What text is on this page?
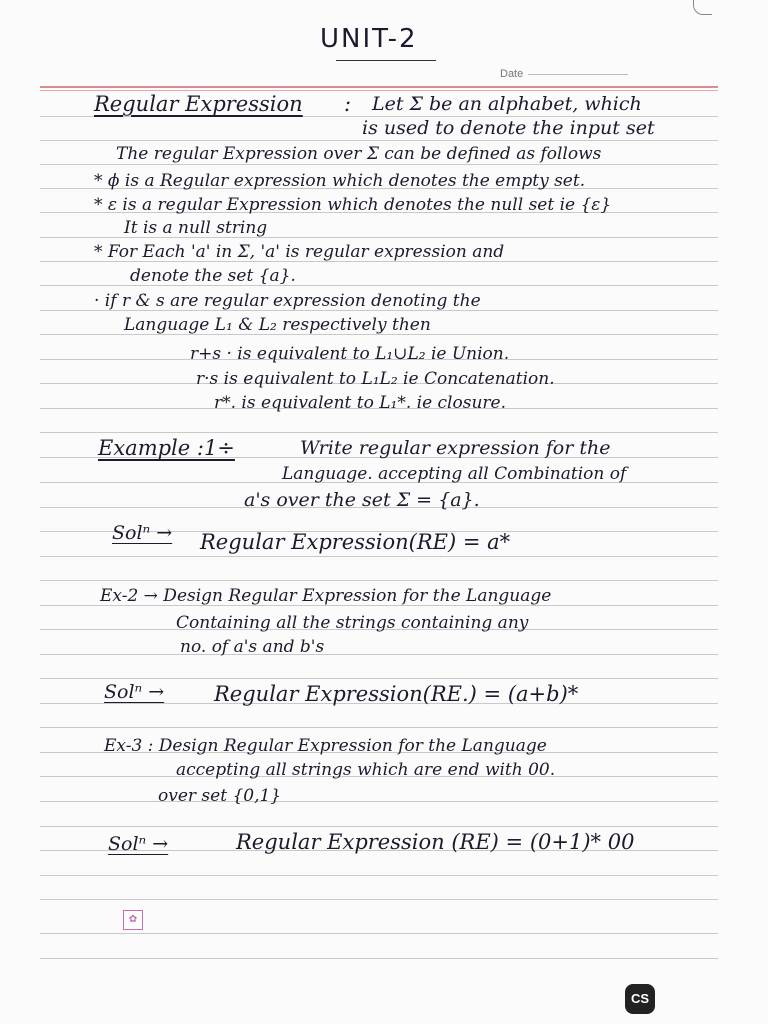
UNIT-2
Date
Regular Expression : Let Σ be an alphabet, which
is used to denote the input set
The regular Expression over Σ can be defined as follows
* ϕ is a Regular expression which denotes the empty set.
* ε is a regular Expression which denotes the null set ie {ε}
It is a null string
* For Each 'a' in Σ, 'a' is regular expression and
denote the set {a}.
· if r & s are regular expression denoting the
Language L₁ & L₂ respectively then
r+s · is equivalent to L₁∪L₂ ie Union.
r·s is equivalent to L₁L₂ ie Concatenation.
r*. is equivalent to L₁*. ie closure.
Example :1÷	Write regular expression for the
Language. accepting all Combination of
a's over the set Σ = {a}.
Solⁿ → Regular Expression(RE) = a*
Ex-2 → Design Regular Expression for the Language
Containing all the strings containing any
no. of a's and b's
Solⁿ → Regular Expression(RE.) = (a+b)*
Ex-3 : Design Regular Expression for the Language
accepting all strings which are end with 00.
over set {0,1}
Solⁿ →	Regular Expression (RE) = (0+1)* 00
✿
CS
